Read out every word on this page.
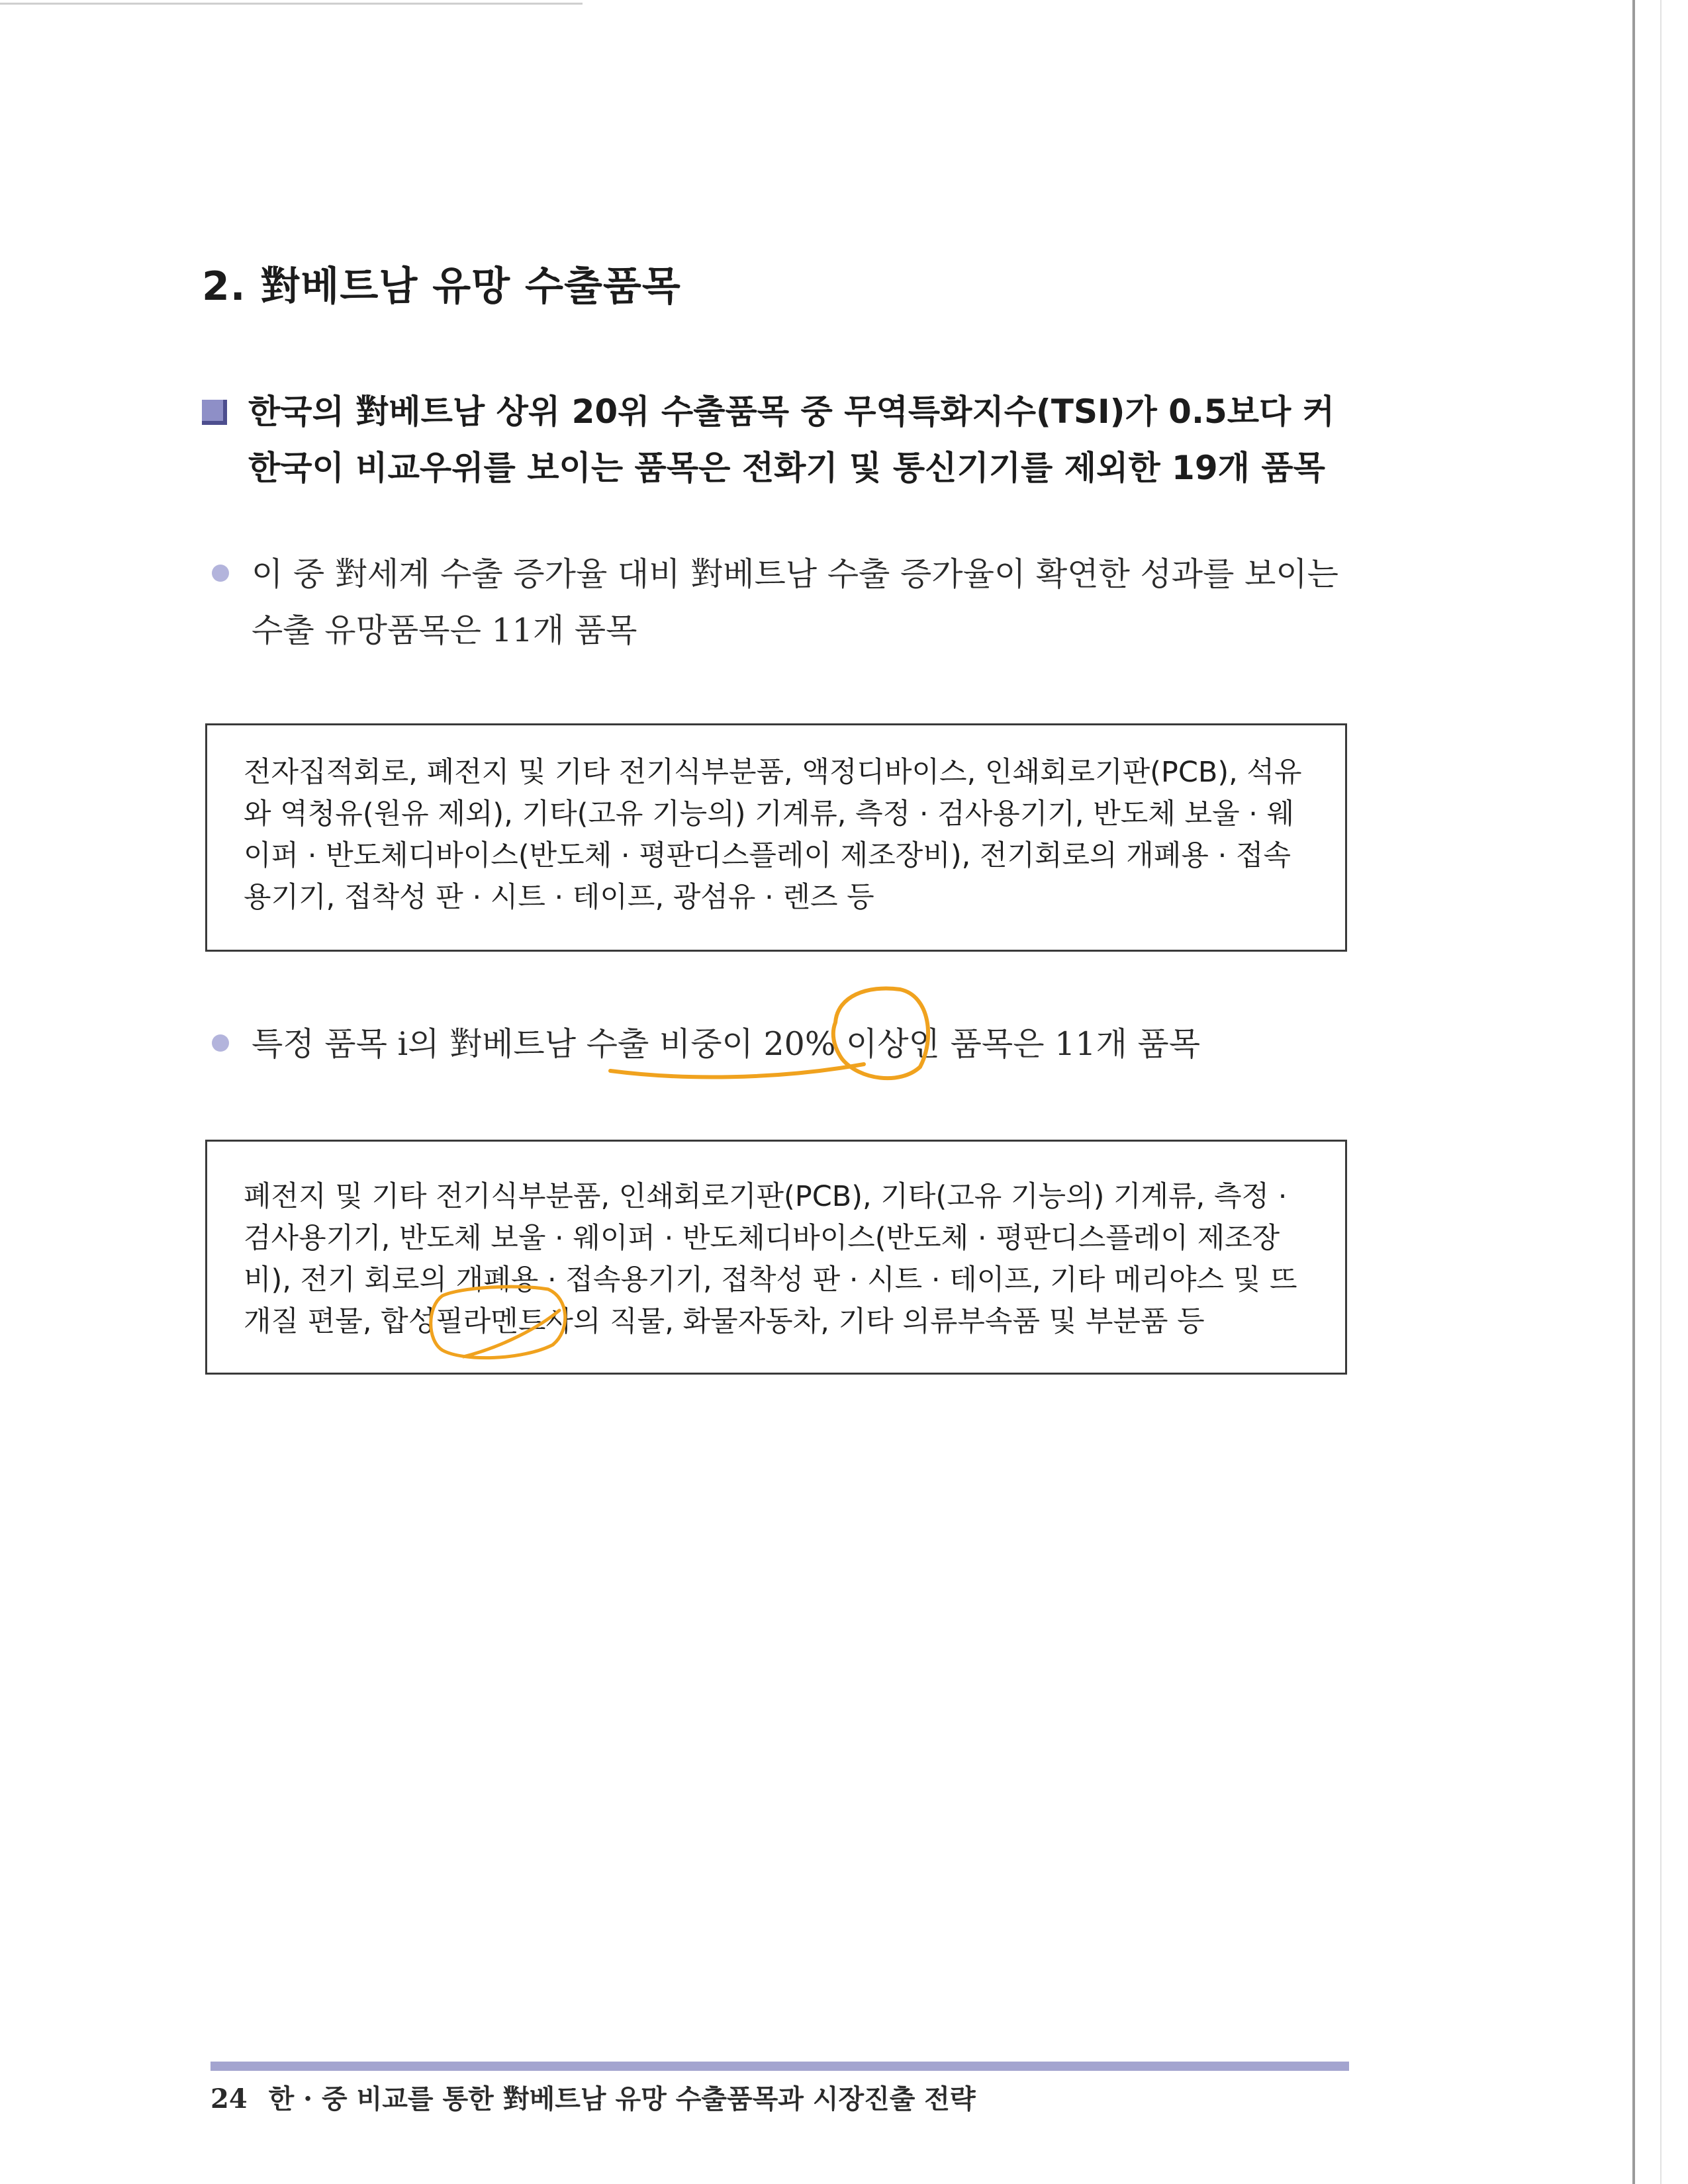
2. 對베트남 유망 수출품목
한국의 對베트남 상위 20위 수출품목 중 무역특화지수(TSI)가 0.5보다 커 한국이 비교우위를 보이는 품목은 전화기 및 통신기기를 제외한 19개 품목
이 중 對세계 수출 증가율 대비 對베트남 수출 증가율이 확연한 성과를 보이는 수출 유망품목은 11개 품목
전자집적회로, 폐전지 및 기타 전기식부분품, 액정디바이스, 인쇄회로기판(PCB), 석유와 역청유(원유 제외), 기타(고유 기능의) 기계류, 측정 · 검사용기기, 반도체 보울 · 웨이퍼 · 반도체디바이스(반도체 · 평판디스플레이 제조장비), 전기회로의 개폐용 · 접속용기기, 접착성 판 · 시트 · 테이프, 광섬유 · 렌즈 등
특정 품목 i의 對베트남 수출 비중이 20% 이상인 품목은 11개 품목
폐전지 및 기타 전기식부분품, 인쇄회로기판(PCB), 기타(고유 기능의) 기계류, 측정 · 검사용기기, 반도체 보울 · 웨이퍼 · 반도체디바이스(반도체 · 평판디스플레이 제조장비), 전기 회로의 개폐용 · 접속용기기, 접착성 판 · 시트 · 테이프, 기타 메리야스 및 뜨개질 편물, 합성필라멘트사의 직물, 화물자동차, 기타 의류부속품 및 부분품 등
24 한 · 중 비교를 통한 對베트남 유망 수출품목과 시장진출 전략
